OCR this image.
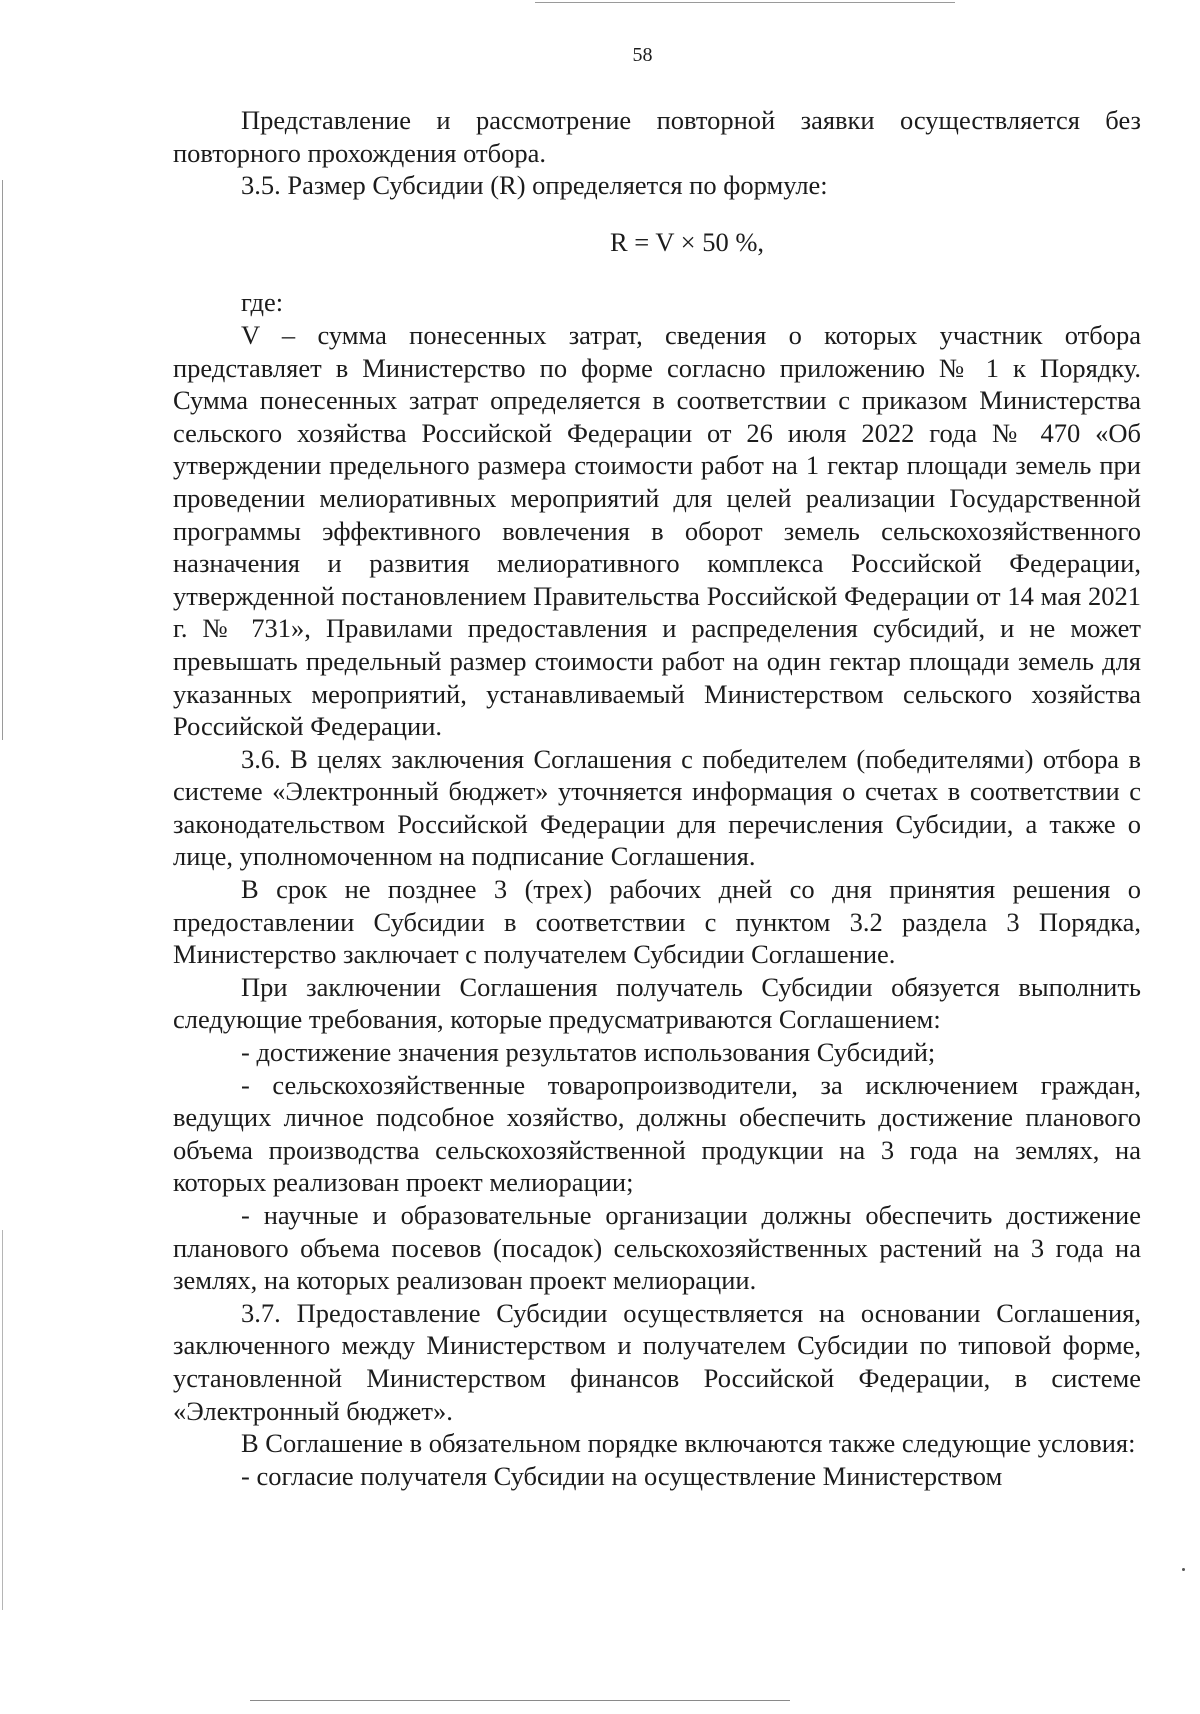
58

Представление и рассмотрение повторной заявки осуществляется без повторного прохождения отбора.

3.5. Размер Субсидии (R) определяется по формуле:

R = V × 50 %,

где:

V – сумма понесенных затрат, сведения о которых участник отбора представляет в Министерство по форме согласно приложению № 1 к Порядку. Сумма понесенных затрат определяется в соответствии с приказом Министерства сельского хозяйства Российской Федерации от 26 июля 2022 года № 470 «Об утверждении предельного размера стоимости работ на 1 гектар площади земель при проведении мелиоративных мероприятий для целей реализации Государственной программы эффективного вовлечения в оборот земель сельскохозяйственного назначения и развития мелиоративного комплекса Российской Федерации, утвержденной постановлением Правительства Российской Федерации от 14 мая 2021 г. № 731», Правилами предоставления и распределения субсидий, и не может превышать предельный размер стоимости работ на один гектар площади земель для указанных мероприятий, устанавливаемый Министерством сельского хозяйства Российской Федерации.

3.6. В целях заключения Соглашения с победителем (победителями) отбора в системе «Электронный бюджет» уточняется информация о счетах в соответствии с законодательством Российской Федерации для перечисления Субсидии, а также о лице, уполномоченном на подписание Соглашения.

В срок не позднее 3 (трех) рабочих дней со дня принятия решения о предоставлении Субсидии в соответствии с пунктом 3.2 раздела 3 Порядка, Министерство заключает с получателем Субсидии Соглашение.

При заключении Соглашения получатель Субсидии обязуется выполнить следующие требования, которые предусматриваются Соглашением:

- достижение значения результатов использования Субсидий;

- сельскохозяйственные товаропроизводители, за исключением граждан, ведущих личное подсобное хозяйство, должны обеспечить достижение планового объема производства сельскохозяйственной продукции на 3 года на землях, на которых реализован проект мелиорации;

- научные и образовательные организации должны обеспечить достижение планового объема посевов (посадок) сельскохозяйственных растений на 3 года на землях, на которых реализован проект мелиорации.

3.7. Предоставление Субсидии осуществляется на основании Соглашения, заключенного между Министерством и получателем Субсидии по типовой форме, установленной Министерством финансов Российской Федерации, в системе «Электронный бюджет».

В Соглашение в обязательном порядке включаются также следующие условия:

- согласие получателя Субсидии на осуществление Министерством
